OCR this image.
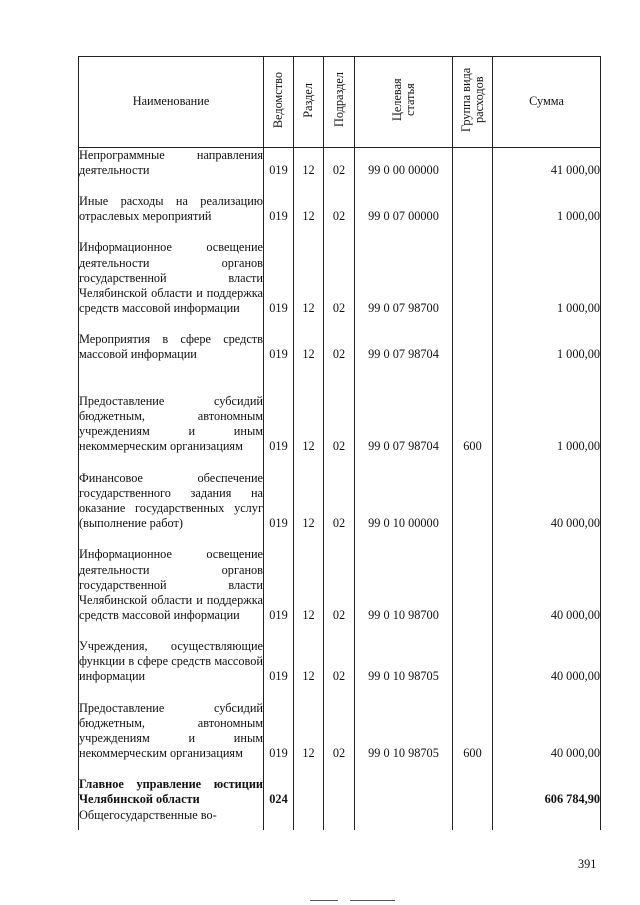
Наименование	Ведомство	Раздел	Подраздел	Целевая статья	Группа вида расходов	Сумма
Непрограммные направления деятельности	019	12	02	99 0 00 00000		41 000,00
Иные расходы на реализацию отраслевых мероприятий	019	12	02	99 0 07 00000		1 000,00
Информационное освещение деятельности органов государственной власти Челябинской области и поддержка средств массовой информации	019	12	02	99 0 07 98700		1 000,00
Мероприятия в сфере средств массовой информации	019	12	02	99 0 07 98704		1 000,00
Предоставление субсидий бюджетным, автономным учреждениям и иным некоммерческим организациям	019	12	02	99 0 07 98704	600	1 000,00
Финансовое обеспечение государственного задания на оказание государственных услуг (выполнение работ)	019	12	02	99 0 10 00000		40 000,00
Информационное освещение деятельности органов государственной власти Челябинской области и поддержка средств массовой информации	019	12	02	99 0 10 98700		40 000,00
Учреждения, осуществляющие функции в сфере средств массовой информации	019	12	02	99 0 10 98705		40 000,00
Предоставление субсидий бюджетным, автономным учреждениям и иным некоммерческим организациям	019	12	02	99 0 10 98705	600	40 000,00
Главное управление юстиции Челябинской области	024					606 784,90
Общегосударственные во-						
391
